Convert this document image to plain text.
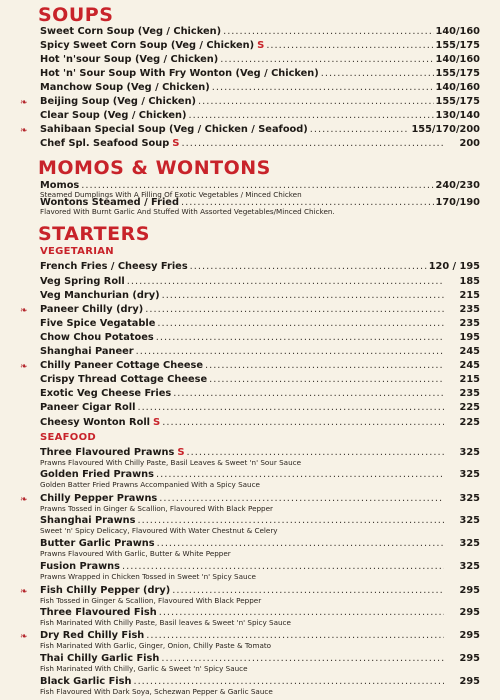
SOUPS
Sweet Corn Soup (Veg / Chicken) .....	140/160
Spicy Sweet Corn Soup (Veg / Chicken) S .....	155/175
Hot 'n'sour Soup (Veg / Chicken) .....	140/160
Hot 'n' Sour Soup With Fry Wonton (Veg / Chicken) .....	155/175
Manchow Soup (Veg / Chicken) .....	140/160
❧	Beijing Soup (Veg / Chicken) .....	155/175
Clear Soup (Veg / Chicken) .....	130/140
❧	Sahibaan Special Soup (Veg / Chicken / Seafood) .....	155/170/200
Chef Spl. Seafood Soup S .....	200
MOMOS & WONTONS
Momos .....	240/230
Steamed Dumplings With A Filling Of Exotic Vegetables / Minced Chicken
Wontons Steamed / Fried .....	170/190
Flavored With Burnt Garlic And Stuffed With Assorted Vegetables/Minced Chicken.
STARTERS
VEGETARIAN
French Fries / Cheesy Fries .....	120 / 195
Veg Spring Roll .....	185
Veg Manchurian (dry) .....	215
❧	Paneer Chilly (dry) .....	235
Five Spice Vegatable .....	235
Chow Chou Potatoes .....	195
Shanghai Paneer .....	245
❧	Chilly Paneer Cottage Cheese .....	245
Crispy Thread Cottage Cheese .....	215
Exotic Veg Cheese Fries .....	235
Paneer Cigar Roll .....	225
Cheesy Wonton Roll S .....	225
SEAFOOD
Three Flavoured Prawns S .....	325
Prawns Flavoured With Chilly Paste, Basil Leaves & Sweet 'n' Sour Sauce
Golden Fried Prawns .....	325
Golden Batter Fried Prawns Accompanied With a Spicy Sauce
❧	Chilly Pepper Prawns .....	325
Prawns Tossed in Ginger & Scallion, Flavoured With Black Pepper
Shanghai Prawns .....	325
Sweet 'n' Spicy Delicacy, Flavoured With Water Chestnut & Celery
Butter Garlic Prawns .....	325
Prawns Flavoured With Garlic, Butter & White Pepper
Fusion Prawns .....	325
Prawns Wrapped in Chicken Tossed in Sweet 'n' Spicy Sauce
❧	Fish Chilly Pepper (dry) .....	295
Fish Tossed in Ginger & Scallion, Flavoured With Black Pepper
Three Flavoured Fish .....	295
Fish Marinated With Chilly Paste, Basil leaves & Sweet 'n' Spicy Sauce
❧	Dry Red Chilly Fish .....	295
Fish Marinated With Garlic, Ginger, Onion, Chilly Paste & Tomato
Thai Chilly Garlic Fish .....	295
Fish Marinated With Chilly, Garlic & Sweet 'n' Spicy Sauce
Black Garlic Fish .....	295
Fish Flavoured With Dark Soya, Schezwan Pepper & Garlic Sauce
